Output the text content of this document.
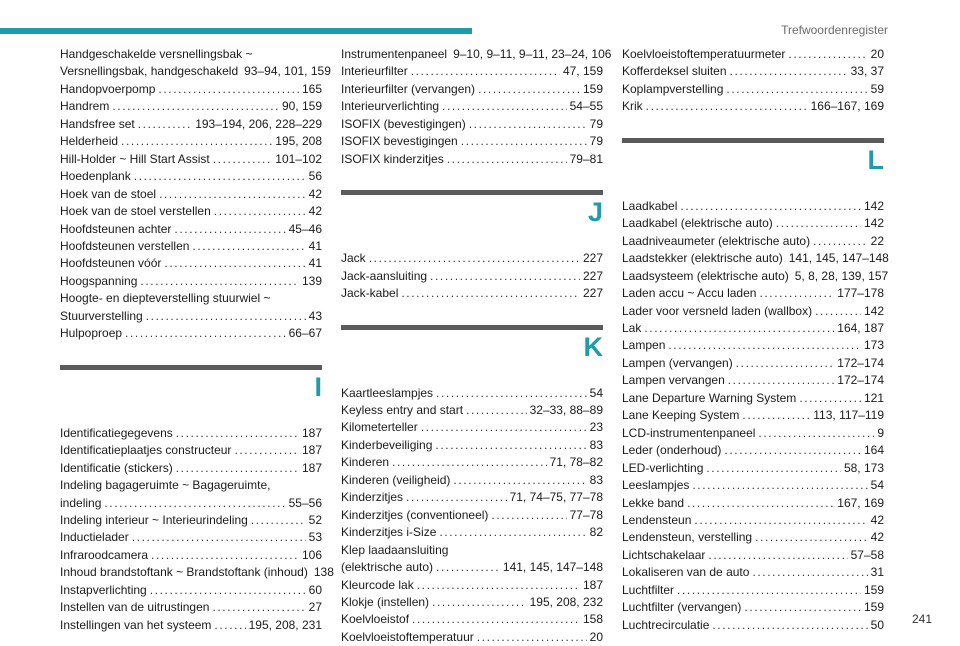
Trefwoordenregister
Handgeschakelde versnellingsbak ~
Versnellingsbak, handgeschakeld 93–94, 101, 159
Handopvoerpomp .....	165
Handrem .....	90, 159
Handsfree set .....	193–194, 206, 228–229
Helderheid .....	195, 208
Hill-Holder ~ Hill Start Assist .....	101–102
Hoedenplank .....	56
Hoek van de stoel .....	42
Hoek van de stoel verstellen .....	42
Hoofdsteunen achter .....	45–46
Hoofdsteunen verstellen .....	41
Hoofdsteunen vóór .....	41
Hoogspanning .....	139
Hoogte- en diepteverstelling stuurwiel ~
Stuurverstelling .....	43
Hulpoproep .....	66–67
I
Identificatiegegevens .....	187
Identificatieplaatjes constructeur .....	187
Identificatie (stickers) .....	187
Indeling bagageruimte ~ Bagageruimte,
indeling .....	55–56
Indeling interieur ~ Interieurindeling .....	52
Inductielader .....	53
Infraroodcamera .....	106
Inhoud brandstoftank ~ Brandstoftank (inhoud) 138
Instapverlichting .....	60
Instellen van de uitrustingen .....	27
Instellingen van het systeem .....	195, 208, 231
Instrumentenpaneel 9–10, 9–11, 9–11, 23–24, 106
Interieurfilter .....	47, 159
Interieurfilter (vervangen) .....	159
Interieurverlichting .....	54–55
ISOFIX (bevestigingen) .....	79
ISOFIX bevestigingen .....	79
ISOFIX kinderzitjes .....	79–81
J
Jack .....	227
Jack-aansluiting .....	227
Jack-kabel .....	227
K
Kaartleeslampjes .....	54
Keyless entry and start .....	32–33, 88–89
Kilometerteller .....	23
Kinderbeveiliging .....	83
Kinderen .....	71, 78–82
Kinderen (veiligheid) .....	83
Kinderzitjes .....	71, 74–75, 77–78
Kinderzitjes (conventioneel) .....	77–78
Kinderzitjes i-Size .....	82
Klep laadaansluiting
(elektrische auto) .....	141, 145, 147–148
Kleurcode lak .....	187
Klokje (instellen) .....	195, 208, 232
Koelvloeistof .....	158
Koelvloeistoftemperatuur .....	20
Koelvloeistoftemperatuurmeter .....	20
Kofferdeksel sluiten .....	33, 37
Koplampverstelling .....	59
Krik .....	166–167, 169
L
Laadkabel .....	142
Laadkabel (elektrische auto) .....	142
Laadniveaumeter (elektrische auto) .....	22
Laadstekker (elektrische auto) 141, 145, 147–148
Laadsysteem (elektrische auto) 5, 8, 28, 139, 157
Laden accu ~ Accu laden .....	177–178
Lader voor versneld laden (wallbox) .....	142
Lak .....	164, 187
Lampen .....	173
Lampen (vervangen) .....	172–174
Lampen vervangen .....	172–174
Lane Departure Warning System .....	121
Lane Keeping System .....	113, 117–119
LCD-instrumentenpaneel .....	9
Leder (onderhoud) .....	164
LED-verlichting .....	58, 173
Leeslampjes .....	54
Lekke band .....	167, 169
Lendensteun .....	42
Lendensteun, verstelling .....	42
Lichtschakelaar .....	57–58
Lokaliseren van de auto .....	31
Luchtfilter .....	159
Luchtfilter (vervangen) .....	159
Luchtrecirculatie .....	50 241
